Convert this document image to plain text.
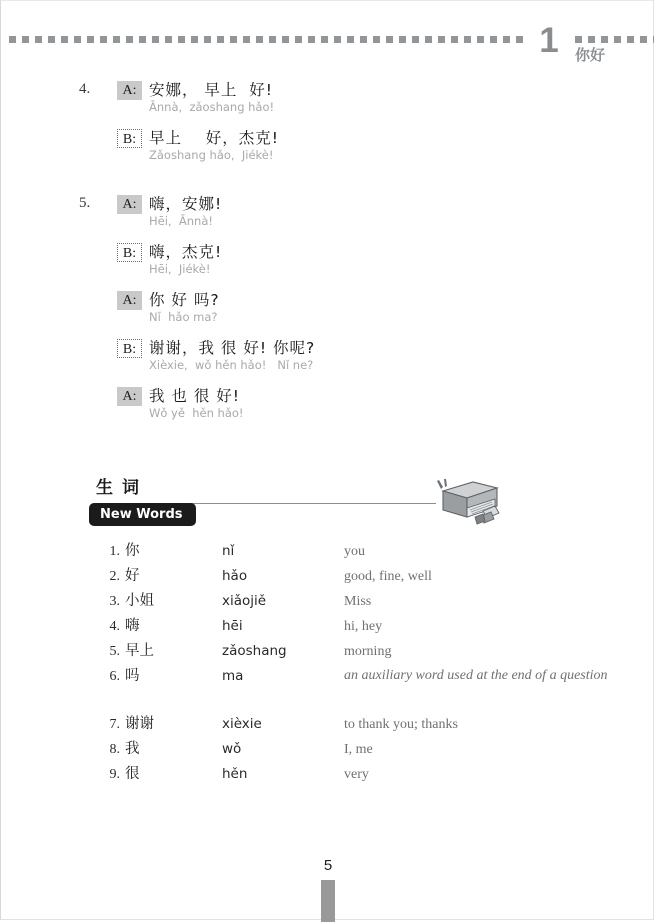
1	你好
4.	A: 安娜， 早上  好!
Ānnà,  zǎoshang hǎo!
B: 早上    好，杰克!
Zǎoshang hǎo,  Jiékè!
5.	A: 嗨，安娜!
Hēi,  Ānnà!
B: 嗨，杰克!
Hēi,  Jiékè!
A: 你 好 吗?
Nǐ  hǎo ma?
B: 谢谢，我 很 好! 你呢?
Xièxie,  wǒ hěn hǎo!   Nǐ ne?
A: 我 也 很 好!
Wǒ yě  hěn hǎo!
生词
New Words
1. 你	nǐ	you
2. 好	hǎo	good, fine, well
3. 小姐	xiǎojiě	Miss
4. 嗨	hēi	hi, hey
5. 早上	zǎoshang	morning
6. 吗	ma	an auxiliary word used at the end of a question
7. 谢谢	xièxie	to thank you; thanks
8. 我	wǒ	I, me
9. 很	hěn	very
5
